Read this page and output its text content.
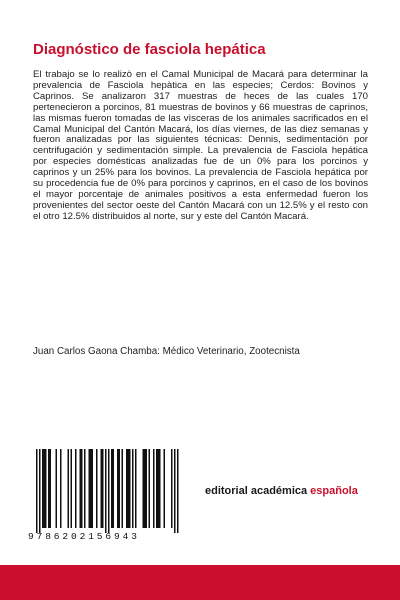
Diagnóstico de fasciola hepática

El trabajo se lo realizò en el Camal Municipal de Macará para determinar la prevalencia de Fasciola hepàtica en las especies; Cerdos: Bovinos y Caprinos. Se analizaron 317 muestras de heces de las cuales 170 pertenecieron a porcinos, 81 muestras de bovinos y 66 muestras de caprinos, las mismas fueron tomadas de las vìsceras de los animales sacrificados en el Camal Municipal del Cantón Macará, los días viernes, de las diez semanas y fueron analizadas por las siguientes técnicas: Dennis, sedimentación por centrifugación y sedimentación simple. La prevalencia de Fasciola hepática por especies domésticas analizadas fue de un 0% para los porcinos y caprinos y un 25% para los bovinos. La prevalencia de Fasciola hepática por su procedencia fue de 0% para porcinos y caprinos, en el caso de los bovinos el mayor porcentaje de animales positivos a esta enfermedad fueron los provenientes del sector oeste del Cantón Macará con un 12.5% y el resto con el otro 12.5% distribuidos al norte, sur y este del Cantón Macará.

Juan Carlos Gaona Chamba: Médico Veterinario, Zootecnista
9786202156943
editorial académica española
